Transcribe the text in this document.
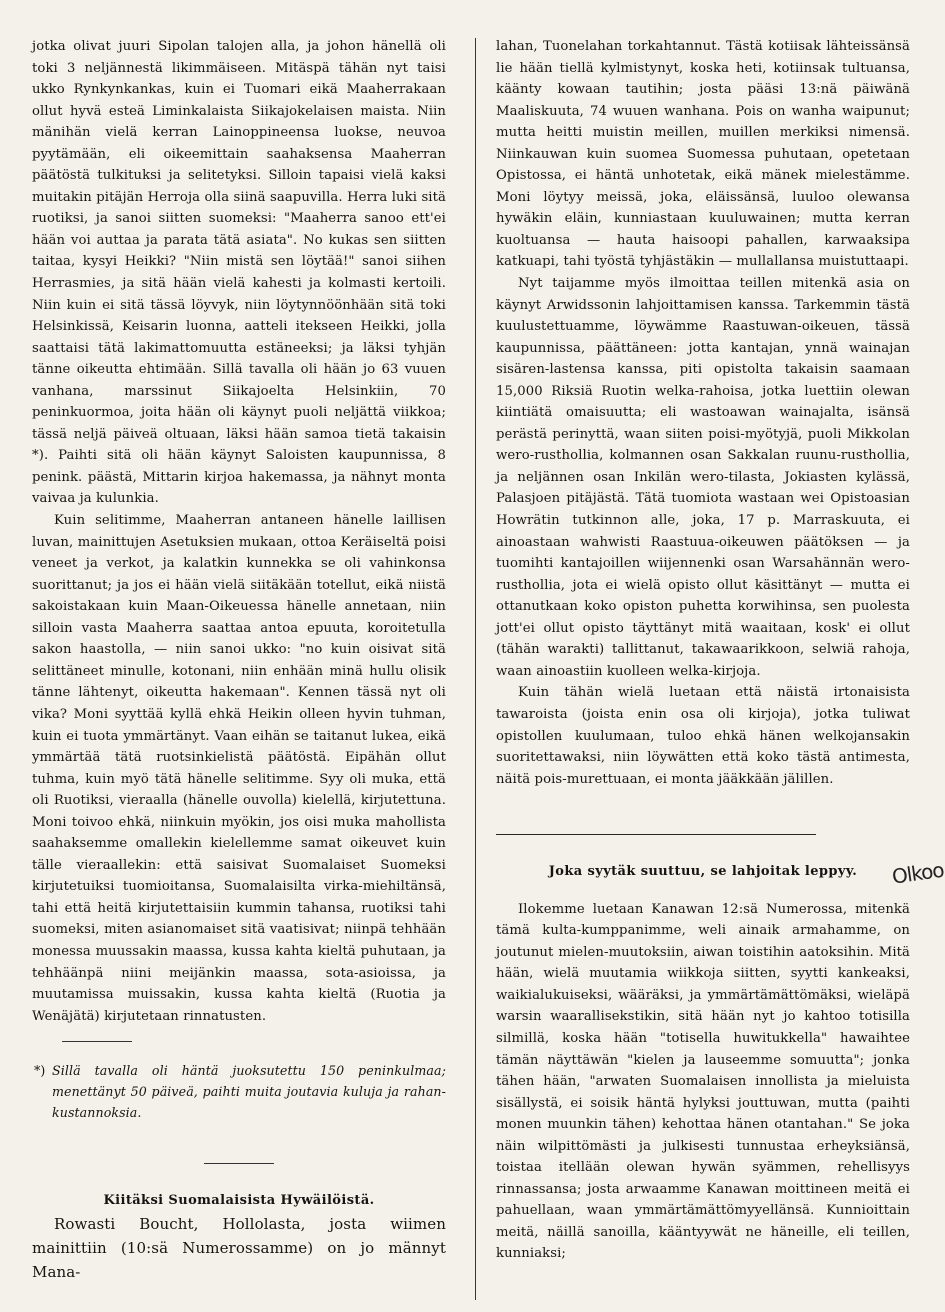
jotka olivat juuri Sipolan talojen alla, ja johon hänellä oli toki 3 neljännestä likimmäiseen. Mitäspä tähän nyt taisi ukko Rynkynkankas, kuin ei Tuomari eikä Maaherrakaan ollut hyvä esteä Liminkalaista Siikajokelaisen maista. Niin mänihän vielä kerran Lainoppineensa luokse, neuvoa pyytämään, eli oikeemittain saahaksensa Maaherran päätöstä tulkituksi ja selitetyksi. Silloin tapaisi vielä kaksi muitakin pitäjän Herroja olla siinä saapuvilla. Herra luki sitä ruotiksi, ja sanoi siitten suomeksi: "Maaherra sanoo ett'ei hään voi auttaa ja parata tätä asiata". No kukas sen siitten taitaa, kysyi Heikki? "Niin mistä sen löytää!" sanoi siihen Herrasmies, ja sitä hään vielä kahesti ja kolmasti kertoili. Niin kuin ei sitä tässä löyvyk, niin löytynnöönhään sitä toki Helsinkissä, Keisarin luonna, aatteli itekseen Heikki, jolla saattaisi tätä lakimattomuutta estäneeksi; ja läksi tyhjän tänne oikeutta ehtimään. Sillä tavalla oli hään jo 63 vuuen vanhana, marssinut Siikajoelta Helsinkiin, 70 peninkuormoa, joita hään oli käynyt puoli neljättä viikkoa; tässä neljä päiveä oltuaan, läksi hään samoa tietä takaisin *). Paihti sitä oli hään käynyt Saloisten kaupunnissa, 8 penink. päästä, Mittarin kirjoa hakemassa, ja nähnyt monta vaivaa ja kulunkia.

Kuin selitimme, Maaherran antaneen hänelle laillisen luvan, mainittujen Asetuksien mukaan, ottoa Keräiseltä poisi veneet ja verkot, ja kalatkin kunnekka se oli vahinkonsa suorittanut; ja jos ei hään vielä siitäkään totellut, eikä niistä sakoistakaan kuin Maan-Oikeuessa hänelle annetaan, niin silloin vasta Maaherra saattaa antoa epuuta, koroitetulla sakon haastolla, — niin sanoi ukko: "no kuin oisivat sitä selittäneet minulle, kotonani, niin enhään minä hullu olisik tänne lähtenyt, oikeutta hakemaan". Kennen tässä nyt oli vika? Moni syyttää kyllä ehkä Heikin olleen hyvin tuhman, kuin ei tuota ymmärtänyt. Vaan eihän se taitanut lukea, eikä ymmärtää tätä ruotsinkielistä päätöstä. Eipähän ollut tuhma, kuin myö tätä hänelle selitimme. Syy oli muka, että oli Ruotiksi, vieraalla (hänelle ouvolla) kielellä, kirjutettuna. Moni toivoo ehkä, niinkuin myökin, jos oisi muka mahollista saahaksemme omallekin kielellemme samat oikeuvet kuin tälle vieraallekin: että saisivat Suomalaiset Suomeksi kirjutetuiksi tuomioitansa, Suomalaisilta virka-miehiltänsä, tahi että heitä kirjutettaisiin kummin tahansa, ruotiksi tahi suomeksi, miten asianomaiset sitä vaatisivat; niinpä tehhään monessa muussakin maassa, kussa kahta kieltä puhutaan, ja tehhäänpä niini meijänkin maassa, sota-asioissa, ja muutamissa muissakin, kussa kahta kieltä (Ruotia ja Wenäjätä) kirjutetaan rinnatusten.

*) Sillä tavalla oli häntä juoksutettu 150 peninkulmaa; menettänyt 50 päiveä, paihti muita joutavia kuluja ja rahan-kustannoksia.
Kiitäksi Suomalaisista Hywäilöistä.

Rowasti Boucht, Hollolasta, josta wiimen mainittiin (10:sä Numerossamme) on jo männyt Mana-

lahan, Tuonelahan torkahtannut. Tästä kotiisak lähteissänsä lie hään tiellä kylmistynyt, koska heti, kotiinsak tultuansa, käänty kowaan tautihin; josta pääsi 13:nä päiwänä Maaliskuuta, 74 wuuen wanhana. Pois on wanha waipunut; mutta heitti muistin meillen, muillen merkiksi nimensä. Niinkauwan kuin suomea Suomessa puhutaan, opetetaan Opistossa, ei häntä unhotetak, eikä mänek mielestämme. Moni löytyy meissä, joka, eläissänsä, luuloo olewansa hywäkin eläin, kunniastaan kuuluwainen; mutta kerran kuoltuansa — hauta haisoopi pahallen, karwaaksipa katkuapi, tahi työstä tyhjästäkin — mullallansa muistuttaapi.

Nyt taijamme myös ilmoittaa teillen mitenkä asia on käynyt Arwidssonin lahjoittamisen kanssa. Tarkemmin tästä kuulustettuamme, löywämme Raastuwan-oikeuen, tässä kaupunnissa, päättäneen: jotta kantajan, ynnä wainajan sisären-lastensa kanssa, piti opistolta takaisin saamaan 15,000 Riksiä Ruotin welka-rahoisa, jotka luettiin olewan kiintiätä omaisuutta; eli wastoawan wainajalta, isänsä perästä perinyttä, waan siiten poisi-myötyjä, puoli Mikkolan wero-rusthollia, kolmannen osan Sakkalan ruunu-rusthollia, ja neljännen osan Inkilän wero-tilasta, Jokiasten kylässä, Palasjoen pitäjästä. Tätä tuomiota wastaan wei Opistoasian Howrätin tutkinnon alle, joka, 17 p. Marraskuuta, ei ainoastaan wahwisti Raastuua-oikeuwen päätöksen — ja tuomihti kantajoillen wiijennenki osan Warsahännän wero-rusthollia, jota ei wielä opisto ollut käsittänyt — mutta ei ottanutkaan koko opiston puhetta korwihinsa, sen puolesta jott'ei ollut opisto täyttänyt mitä waaitaan, kosk' ei ollut (tähän warakti) tallittanut, takawaarikkoon, selwiä rahoja, waan ainoastiin kuolleen welka-kirjoja.

Kuin tähän wielä luetaan että näistä irtonaisista tawaroista (joista enin osa oli kirjoja), jotka tuliwat opistollen kuulumaan, tuloo ehkä hänen welkojansakin suoritettawaksi, niin löywätten että koko tästä antimesta, näitä pois-murettuaan, ei monta jääkkään jälillen.

Joka syytäk suuttuu, se lahjoitak leppyy.

Ilokemme luetaan Kanawan 12:sä Numerossa, mitenkä tämä kulta-kumppanimme, weli ainaik armahamme, on joutunut mielen-muutoksiin, aiwan toistihin aatoksihin. Mitä hään, wielä muutamia wiikkoja siitten, syytti kankeaksi, waikialukuiseksi, wääräksi, ja ymmärtämättömäksi, wieläpä warsin waarallisekstikin, sitä hään nyt jo kahtoo totisilla silmillä, koska hään "totisella huwitukkella" hawaihtee tämän näyttäwän "kielen ja lauseemme somuutta"; jonka tähen hään, "arwaten Suomalaisen innollista ja mieluista sisällystä, ei soisik häntä hylyksi jouttuwan, mutta (paihti monen muunkin tähen) kehottaa hänen otantahan." Se joka näin wilpittömästi ja julkisesti tunnustaa erheyksiänsä, toistaa itellään olewan hywän syämmen, rehellisyys rinnassansa; josta arwaamme Kanawan moittineen meitä ei pahuellaan, waan ymmärtämättömyyellänsä. Kunnioittain meitä, näillä sanoilla, kääntyywät ne häneille, eli teillen, kunniaksi;

Olkoo
